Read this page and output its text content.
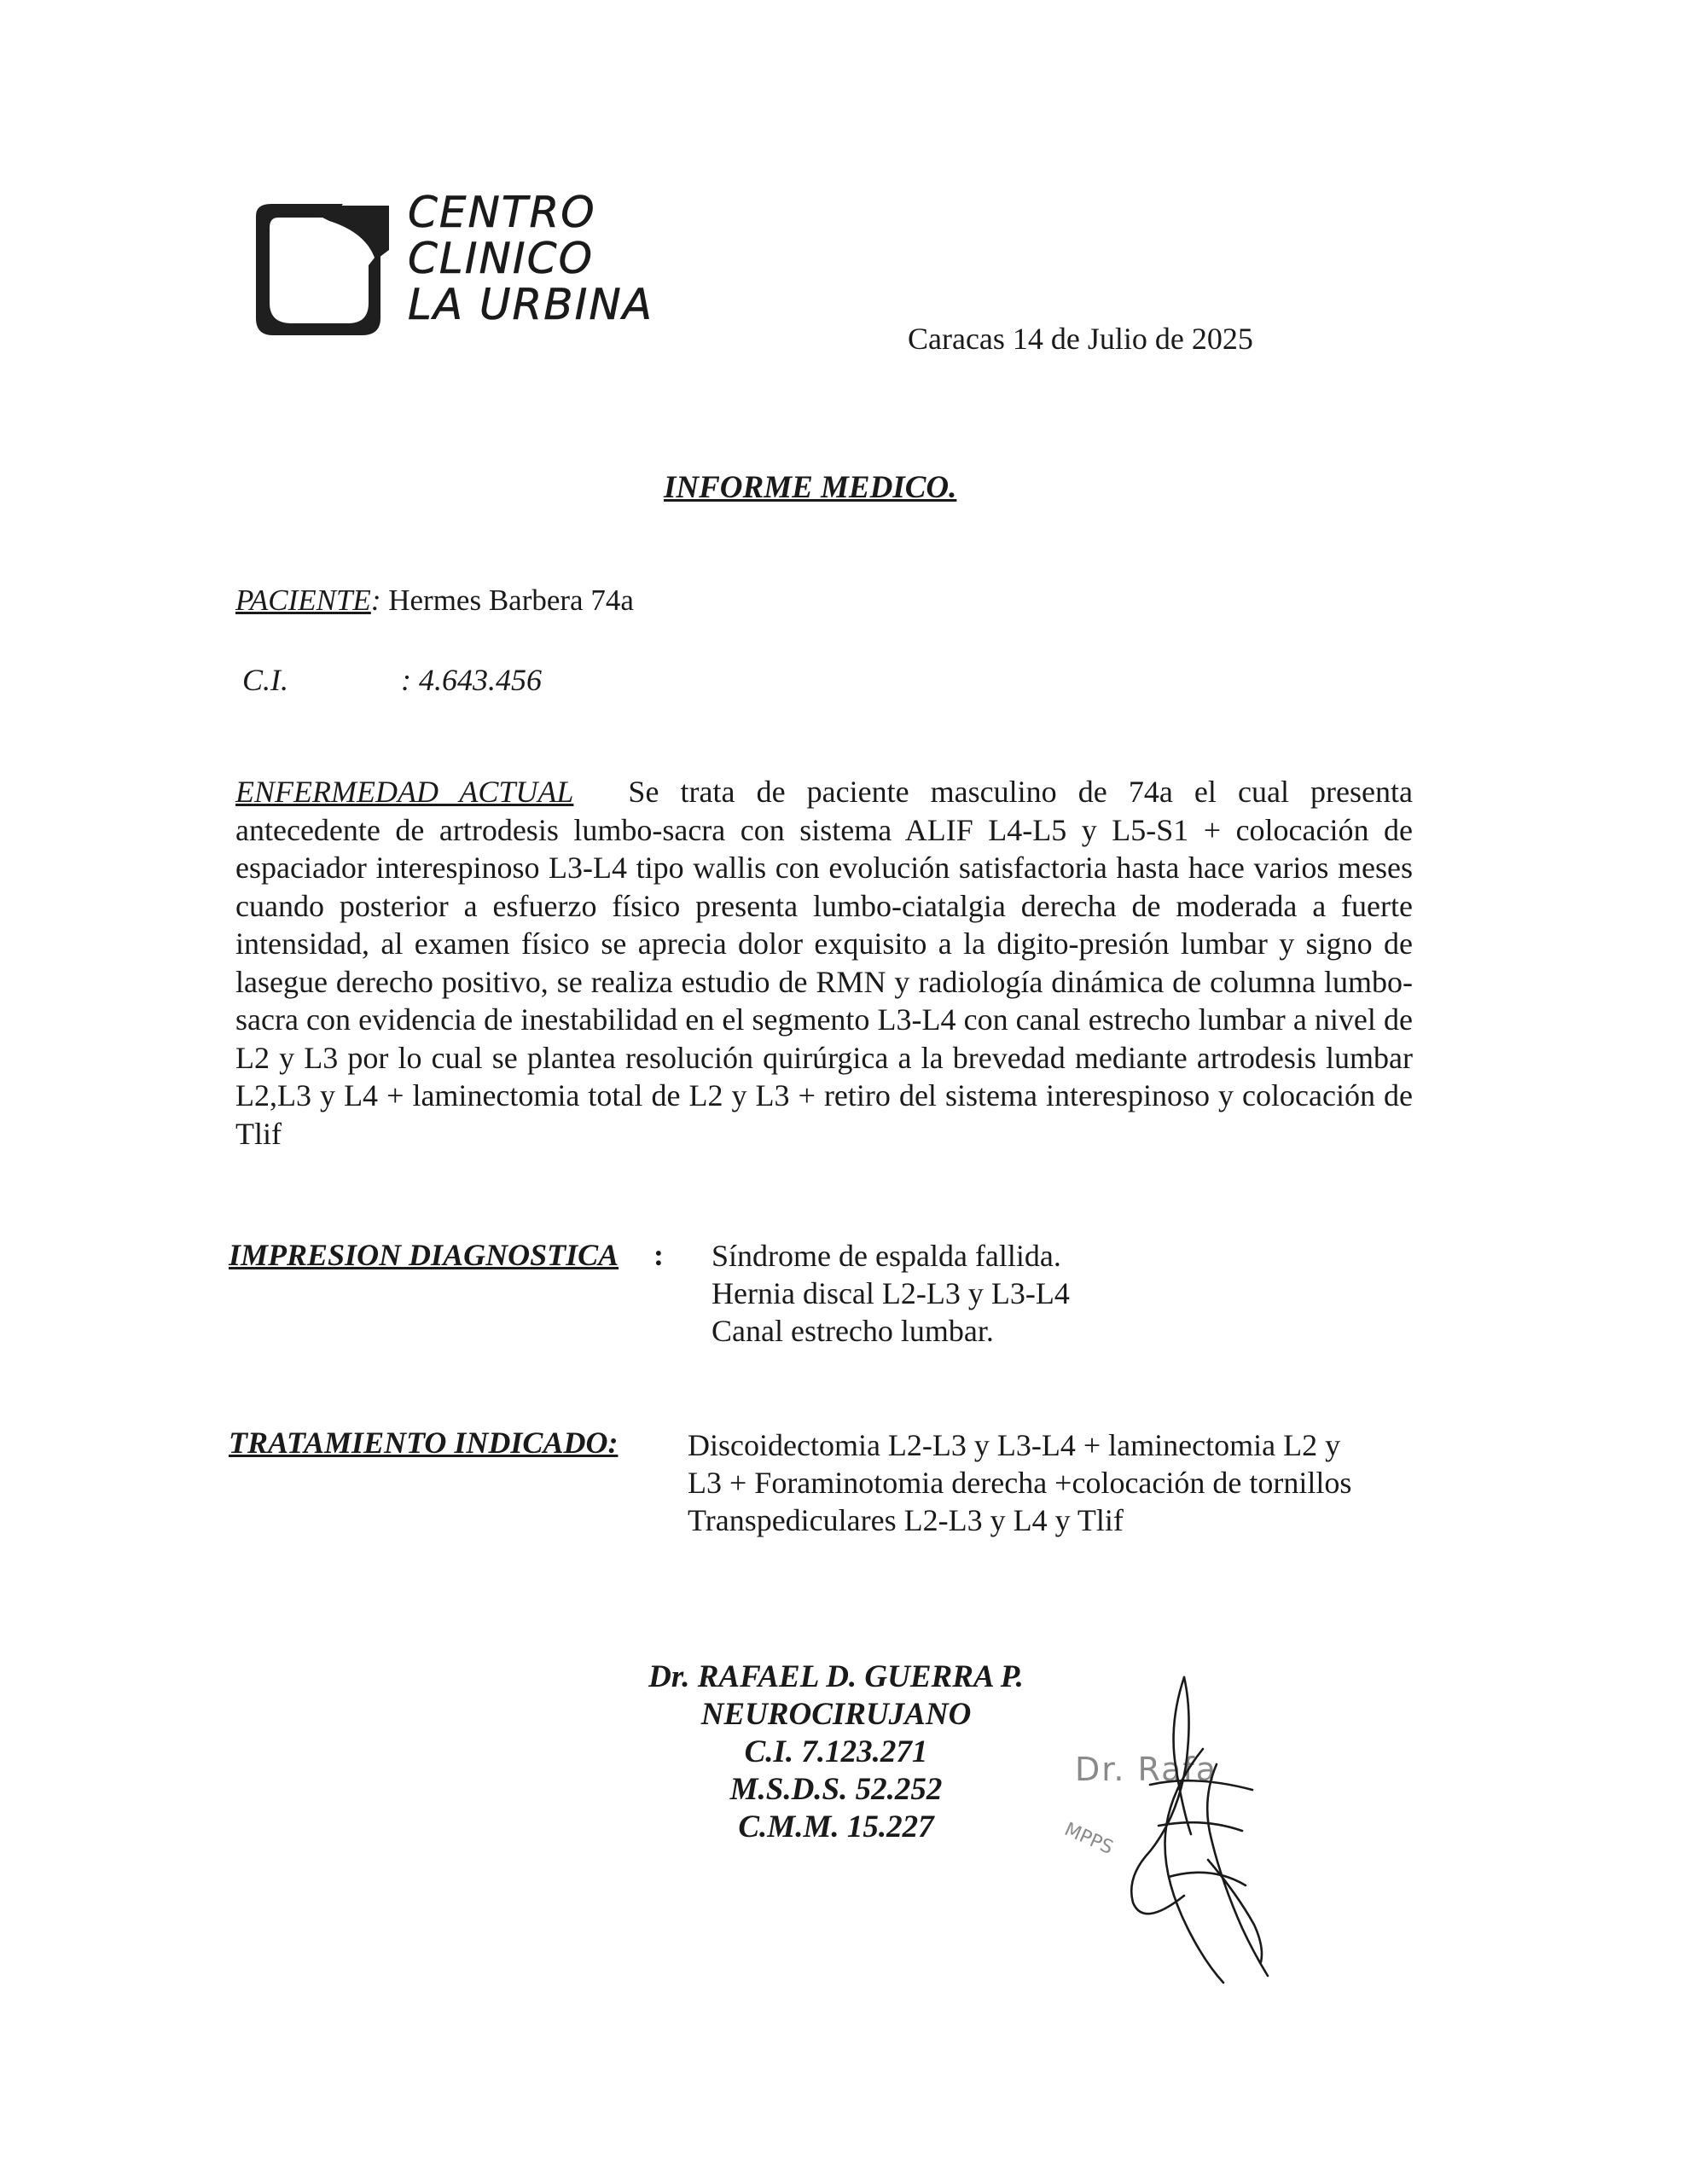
CENTRO
CLINICO
LA URBINA
Caracas 14 de Julio de 2025
INFORME MEDICO.
PACIENTE: Hermes Barbera 74a
C.I.	: 4.643.456
ENFERMEDAD ACTUAL Se trata de paciente masculino de 74a el cual presenta antecedente de artrodesis lumbo-sacra con sistema ALIF L4-L5 y L5-S1 + colocación de espaciador interespinoso L3-L4 tipo wallis con evolución satisfactoria hasta hace varios meses cuando posterior a esfuerzo físico presenta lumbo-ciatalgia derecha de moderada a fuerte intensidad, al examen físico se aprecia dolor exquisito a la digito-presión lumbar y signo de lasegue derecho positivo, se realiza estudio de RMN y radiología dinámica de columna lumbo-sacra con evidencia de inestabilidad en el segmento L3-L4 con canal estrecho lumbar a nivel de L2 y L3 por lo cual se plantea resolución quirúrgica a la brevedad mediante artrodesis lumbar L2,L3 y L4 + laminectomia total de L2 y L3 + retiro del sistema interespinoso y colocación de Tlif
IMPRESION DIAGNOSTICA : Síndrome de espalda fallida.
Hernia discal L2-L3 y L3-L4
Canal estrecho lumbar.
TRATAMIENTO INDICADO: Discoidectomia L2-L3 y L3-L4 + laminectomia L2 y
L3 + Foraminotomia derecha +colocación de tornillos
Transpediculares L2-L3 y L4 y Tlif
Dr. RAFAEL D. GUERRA P.
NEUROCIRUJANO
C.I. 7.123.271
M.S.D.S. 52.252
C.M.M. 15.227
Dr. Rafa
MPPS
